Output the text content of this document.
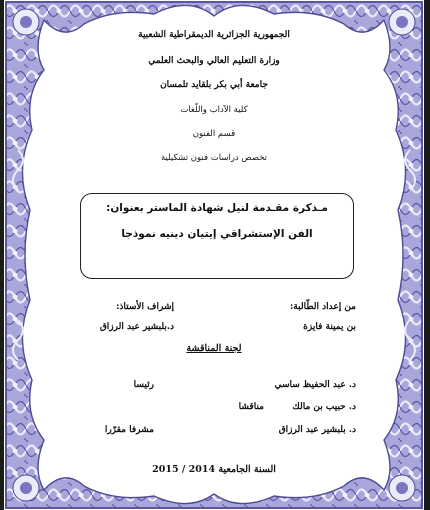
الجمهورية الجزائرية الديمقراطية الشعبية
وزارة التعليم العالي والبحث العلمي
جامعة أبي بكر بلقايد تلمسان
كلية الآداب واللّغات
قسم الفنون
تخصص دراسات فنون تشكيلية
مـذكرة مقـدمة لنيل شهادة الماستر بعنوان:
الفن الإستشراقي إيتيان دينيه نموذجا
من إعداد الطّالبة:
إشراف الأستاذ:
بن يمينة فايزة
د.بلبشير عبد الرزاق
لجنة المناقشة
د. عبد الحفيظ ساسي
رئيسا
د. حبيب بن مالك
مناقشا
د. بلبشير عبد الرزاق
مشرفا مقرّرا
السنة الجامعية 2014 / 2015
